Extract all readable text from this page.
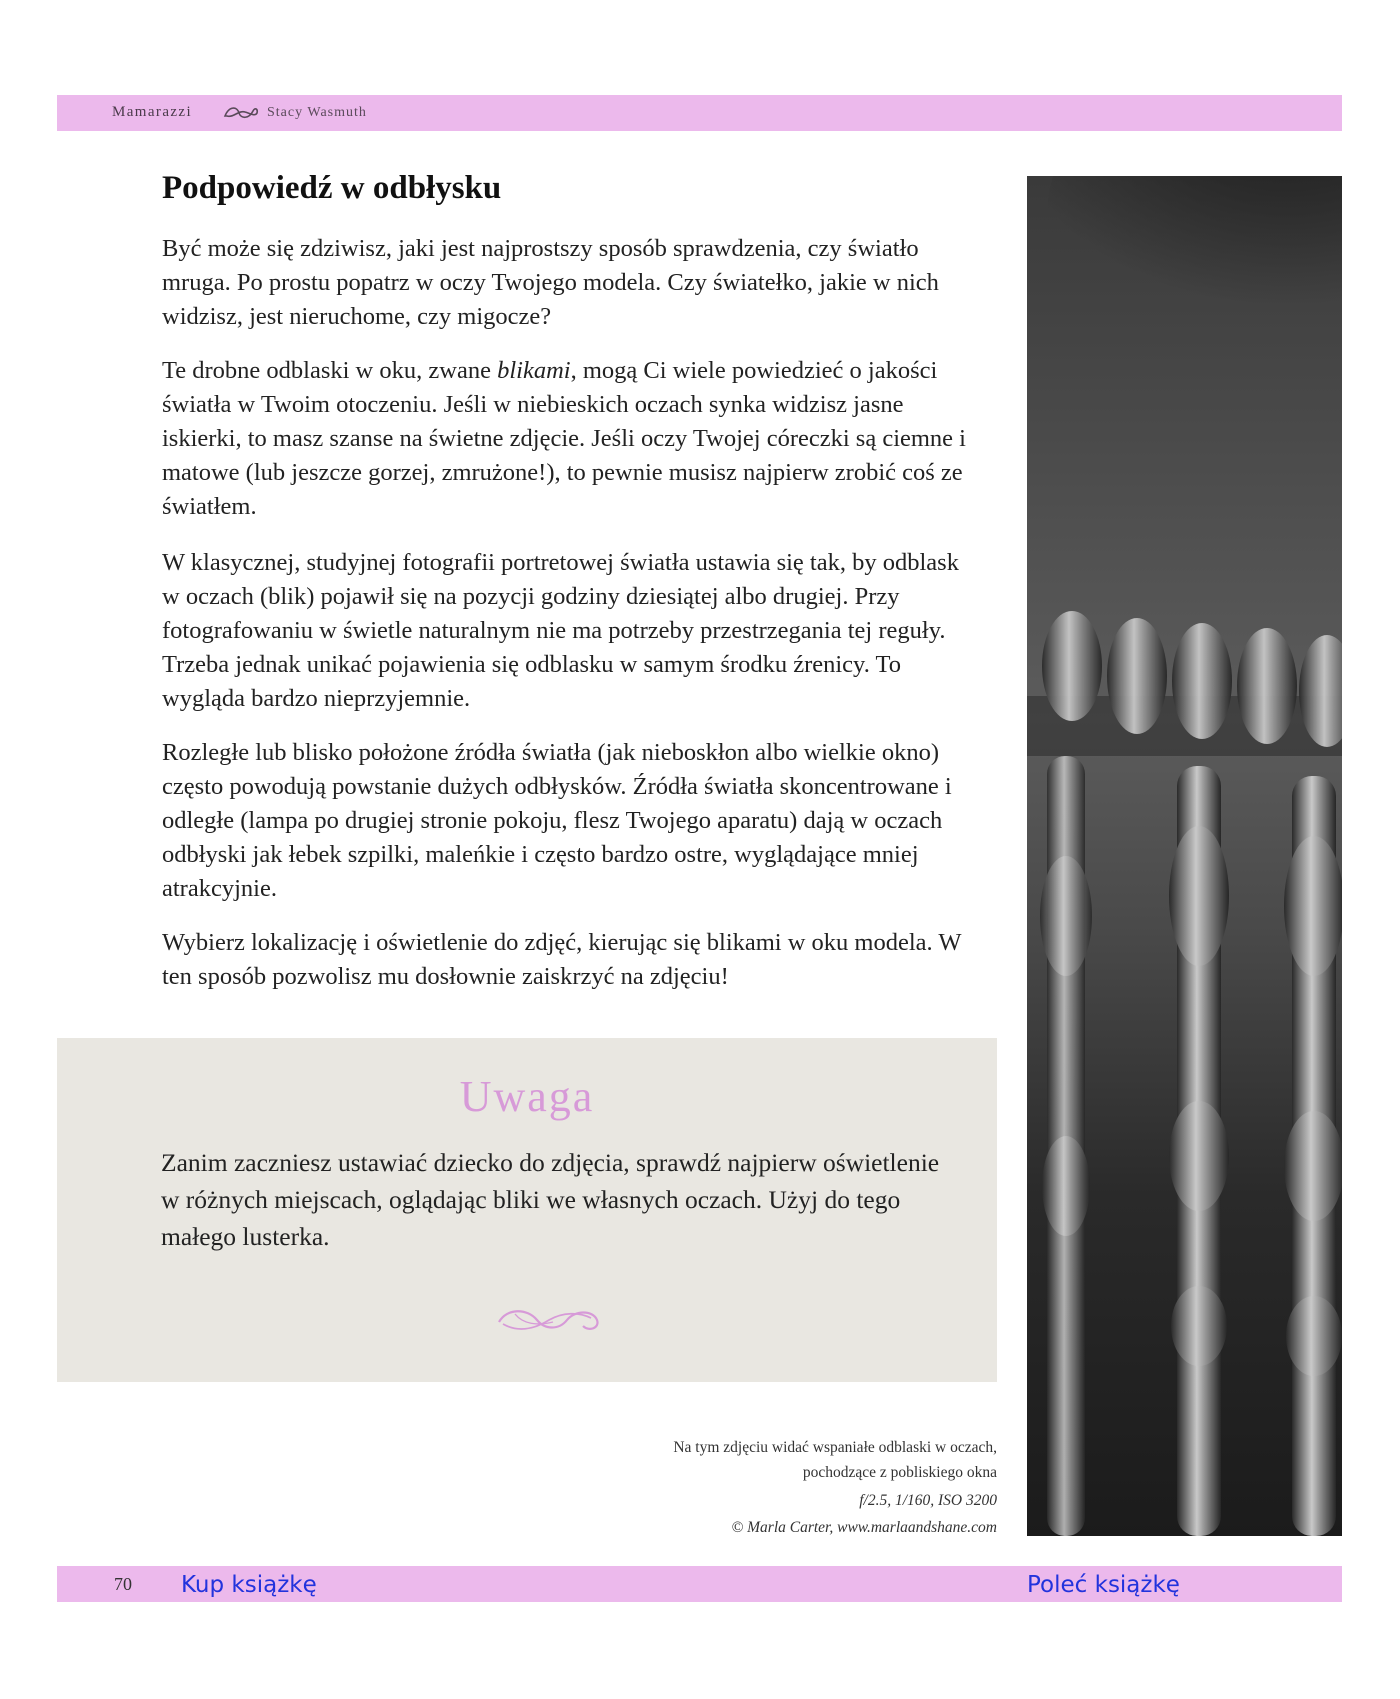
Mamarazzi	Stacy Wasmuth
Podpowiedź w odbłysku

Być może się zdziwisz, jaki jest najprostszy sposób sprawdzenia, czy światło mruga. Po prostu popatrz w oczy Twojego modela. Czy światełko, jakie w nich widzisz, jest nieruchome, czy migocze?

Te drobne odblaski w oku, zwane blikami, mogą Ci wiele powiedzieć o jakości światła w Twoim otoczeniu. Jeśli w niebieskich oczach synka widzisz jasne iskierki, to masz szanse na świetne zdjęcie. Jeśli oczy Twojej córeczki są ciemne i matowe (lub jeszcze gorzej, zmrużone!), to pewnie musisz najpierw zrobić coś ze światłem.

W klasycznej, studyjnej fotografii portretowej światła ustawia się tak, by odblask w oczach (blik) pojawił się na pozycji godziny dziesiątej albo drugiej. Przy fotografowaniu w świetle naturalnym nie ma potrzeby przestrzegania tej reguły. Trzeba jednak unikać pojawienia się odblasku w samym środku źrenicy. To wygląda bardzo nieprzyjemnie.

Rozległe lub blisko położone źródła światła (jak nieboskłon albo wielkie okno) często powodują powstanie dużych odbłysków. Źródła światła skoncentrowane i odległe (lampa po drugiej stronie pokoju, flesz Twojego aparatu) dają w oczach odbłyski jak łebek szpilki, maleńkie i często bardzo ostre, wyglądające mniej atrakcyjnie.

Wybierz lokalizację i oświetlenie do zdjęć, kierując się blikami w oku modela. W ten sposób pozwolisz mu dosłownie zaiskrzyć na zdjęciu!

Uwaga

Zanim zaczniesz ustawiać dziecko do zdjęcia, sprawdź najpierw oświetlenie w różnych miejscach, oglądając bliki we własnych oczach. Użyj do tego małego lusterka.

Na tym zdjęciu widać wspaniałe odblaski w oczach,

pochodzące z pobliskiego okna

f/2.5, 1/160, ISO 3200

© Marla Carter, www.marlaandshane.com

70 Kup książkę	Poleć książkę
